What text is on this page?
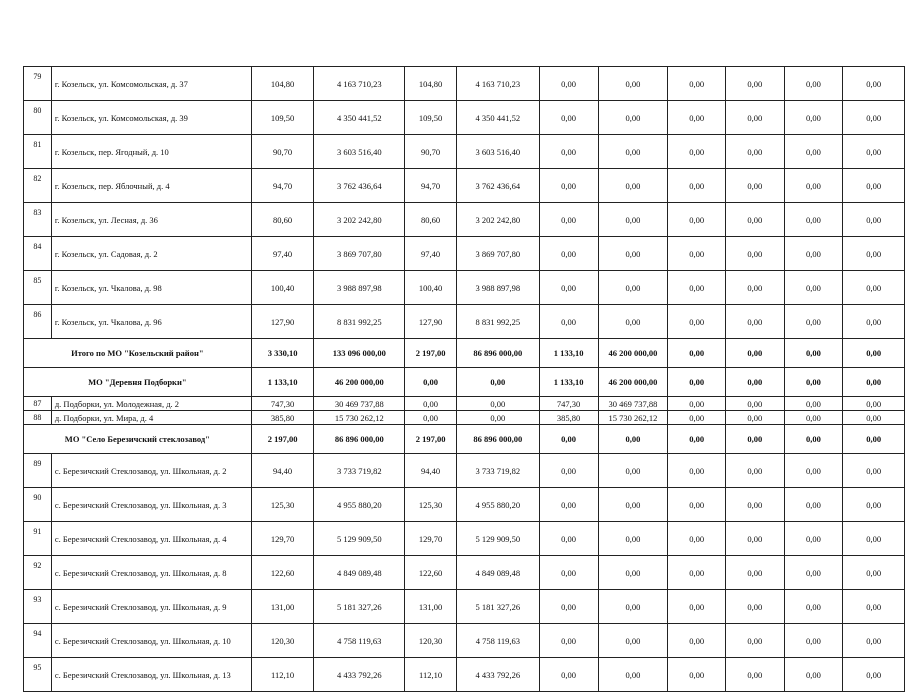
79	г. Козельск, ул. Комсомольская, д. 37	104,80	4 163 710,23	104,80	4 163 710,23	0,00	0,00	0,00	0,00	0,00	0,00
80	г. Козельск, ул. Комсомольская, д. 39	109,50	4 350 441,52	109,50	4 350 441,52	0,00	0,00	0,00	0,00	0,00	0,00
81	г. Козельск, пер. Ягодный, д. 10	90,70	3 603 516,40	90,70	3 603 516,40	0,00	0,00	0,00	0,00	0,00	0,00
82	г. Козельск, пер. Яблочный, д. 4	94,70	3 762 436,64	94,70	3 762 436,64	0,00	0,00	0,00	0,00	0,00	0,00
83	г. Козельск, ул. Лесная, д. 36	80,60	3 202 242,80	80,60	3 202 242,80	0,00	0,00	0,00	0,00	0,00	0,00
84	г. Козельск, ул. Садовая, д. 2	97,40	3 869 707,80	97,40	3 869 707,80	0,00	0,00	0,00	0,00	0,00	0,00
85	г. Козельск, ул. Чкалова, д. 98	100,40	3 988 897,98	100,40	3 988 897,98	0,00	0,00	0,00	0,00	0,00	0,00
86	г. Козельск, ул. Чкалова, д. 96	127,90	8 831 992,25	127,90	8 831 992,25	0,00	0,00	0,00	0,00	0,00	0,00
Итого по МО "Козельский район"		3 330,10	133 096 000,00	2 197,00	86 896 000,00	1 133,10	46 200 000,00	0,00	0,00	0,00	0,00
МО "Деревня Подборки"		1 133,10	46 200 000,00	0,00	0,00	1 133,10	46 200 000,00	0,00	0,00	0,00	0,00
87	д. Подборки, ул. Молодежная, д. 2	747,30	30 469 737,88	0,00	0,00	747,30	30 469 737,88	0,00	0,00	0,00	0,00
88	д. Подборки, ул. Мира, д. 4	385,80	15 730 262,12	0,00	0,00	385,80	15 730 262,12	0,00	0,00	0,00	0,00
МО "Село Березичский стеклозавод"		2 197,00	86 896 000,00	2 197,00	86 896 000,00	0,00	0,00	0,00	0,00	0,00	0,00
89	с. Березичский Стеклозавод, ул. Школьная, д. 2	94,40	3 733 719,82	94,40	3 733 719,82	0,00	0,00	0,00	0,00	0,00	0,00
90	с. Березичский Стеклозавод, ул. Школьная, д. 3	125,30	4 955 880,20	125,30	4 955 880,20	0,00	0,00	0,00	0,00	0,00	0,00
91	с. Березичский Стеклозавод, ул. Школьная, д. 4	129,70	5 129 909,50	129,70	5 129 909,50	0,00	0,00	0,00	0,00	0,00	0,00
92	с. Березичский Стеклозавод, ул. Школьная, д. 8	122,60	4 849 089,48	122,60	4 849 089,48	0,00	0,00	0,00	0,00	0,00	0,00
93	с. Березичский Стеклозавод, ул. Школьная, д. 9	131,00	5 181 327,26	131,00	5 181 327,26	0,00	0,00	0,00	0,00	0,00	0,00
94	с. Березичский Стеклозавод, ул. Школьная, д. 10	120,30	4 758 119,63	120,30	4 758 119,63	0,00	0,00	0,00	0,00	0,00	0,00
95	с. Березичский Стеклозавод, ул. Школьная, д. 13	112,10	4 433 792,26	112,10	4 433 792,26	0,00	0,00	0,00	0,00	0,00	0,00
